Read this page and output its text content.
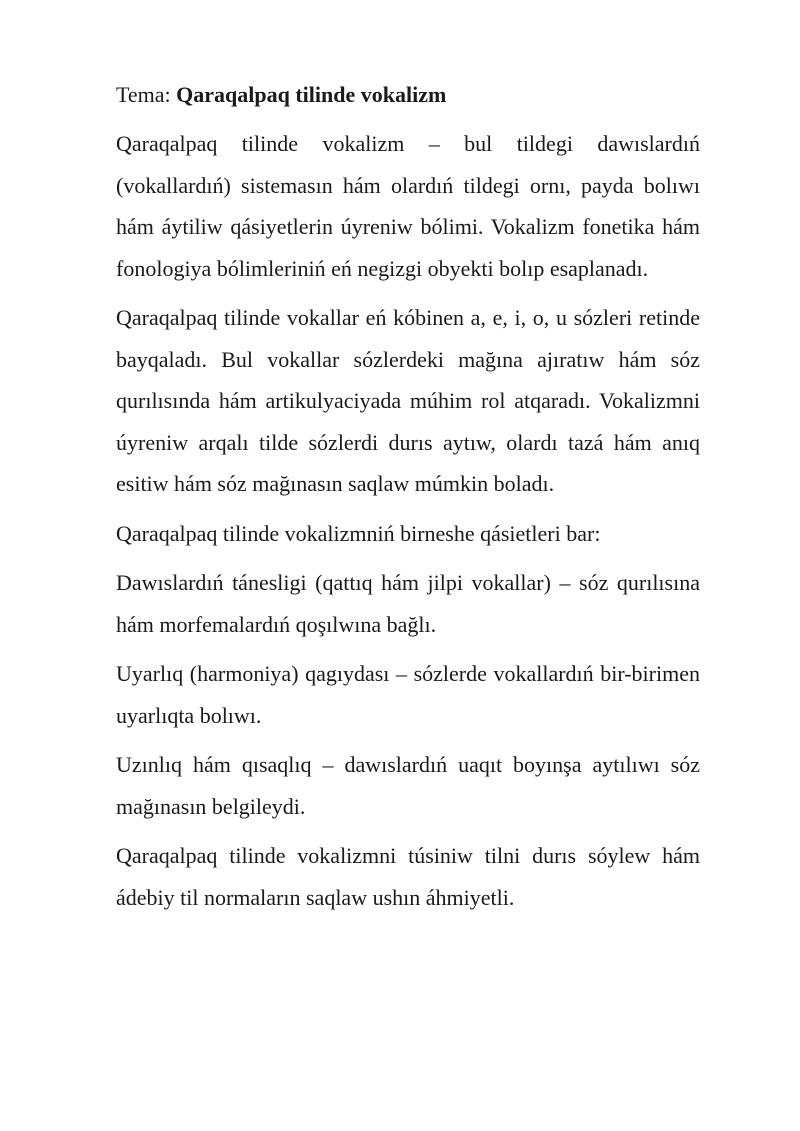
Tema: Qaraqalpaq tilinde vokalizm

Qaraqalpaq tilinde vokalizm – bul tildegi dawıslardıń (vokallardıń) sistemasın hám olardıń tildegi ornı, payda bolıwı hám áytiliw qásiyetlerin úyreniw bólimi. Vokalizm fonetika hám fonologiya bólimleriniń eń negizgi obyekti bolıp esaplanadı.

Qaraqalpaq tilinde vokallar eń kóbinen a, e, i, o, u sózleri retinde bayqaladı. Bul vokallar sózlerdeki mağına ajıratıw hám sóz qurılısında hám artikulyaciyada múhim rol atqaradı. Vokalizmni úyreniw arqalı tilde sózlerdi durıs aytıw, olardı tazá hám anıq esitiw hám sóz mağınasın saqlaw múmkin boladı.

Qaraqalpaq tilinde vokalizmniń birneshe qásietleri bar:

Dawıslardıń tánesligi (qattıq hám jilpi vokallar) – sóz qurılısına hám morfemalardıń qoşılwına bağlı.

Uyarlıq (harmoniya) qagıydası – sózlerde vokallardıń bir-birimen uyarlıqta bolıwı.

Uzınlıq hám qısaqlıq – dawıslardıń uaqıt boyınşa aytılıwı sóz mağınasın belgileydi.

Qaraqalpaq tilinde vokalizmni túsiniw tilni durıs sóylew hám ádebiy til normaların saqlaw ushın áhmiyetli.
